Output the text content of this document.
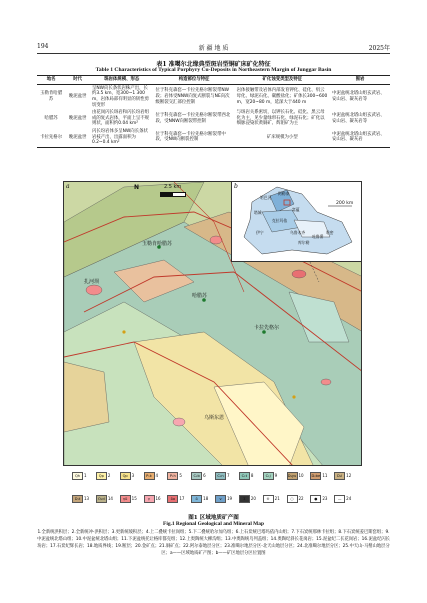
194	新 疆 地 质	2025年
表1 准噶尔北缘典型斑岩型铜矿床矿化特征
Table 1 Characteristics of Typical Porphyry Cu-Deposits in Northeastern Margin of Junggar Basin
地名	时代	斑岩体规模、形态	构造部位与特征	矿化蚀变类型及特征	围岩
玉勒肯哈腊苏	晚泥盆世	呈NW向长条状岩株产出，长约3.5 km，宽300~1 300 m，岩体局部有明显的韧性剪切变形	位于科克森套—卡拉先格尔断裂带NW段；岩体受NNW向复式断裂与NE向次级断裂交汇部位控制	岩体接触带及岩体内部发育钾化、硅化、绢云母化、绿泥石化、碳酸盐化；矿体长300~600 m，宽20~80 m，延深大于440 m	中泥盆统北塔山组玄武岩、安山岩、凝灰岩等
哈腊苏	晚泥盆世	由花岗闪长斑岩和闪长玢岩组成的复式岩体，平面上呈不规则状，面积约0.04 km²	位于科克森套—卡拉先格尔断裂带西北段，受NNW向断裂带控制	与斑岩关系密切，以钾长石化、硅化、黑云母化为主，见少量绿帘石化、绿泥石化；矿化以细脉浸染状黄铜矿、辉钼矿为主	中泥盆统北塔山组玄武岩、安山岩、凝灰岩等
卡拉先格尔	晚泥盆世	闪长玢岩体多呈NW向长条状岩枝产出，出露面积为0.2~0.4 km²	位于科克森套—卡拉先格尔断裂带中段，受NW向断裂控制	矿床规模为小型	中泥盆统北塔山组玄武岩、安山岩、凝灰岩
a	N	2.5 km
玉勒肯哈腊苏
哈腊苏
卡拉先格尔
扎河坝
乌斯东恩
b
200 km
阿勒泰
哈巴河
富蕴
塔城
克拉玛依
伊宁	乌鲁木齐
库尔勒
哈密
吐鲁番
Qh 1	Qp 2	Qp 3	P₁k 4	P₁h 5	C₂b 6	C₁n 7	C₁t 8	C₁j	9	D₃yu 10	D₂be 11	D₂l 12
D₁t 13	O₂d 14	γδ	15	γ	16	δο	17	δ	18	ν	19	Σ	20	⊙	21	○	22	●	23	—	24
图1 区域地质矿产图
Fig.1 Regional Geological and Mineral Map
1.全新统洪积层；2.全新统冲-洪积层；3.更新统坡积层；4.上二叠统卡拉岗组；5.下二叠统哈尔加乌组；6.上石炭统巴塔玛依内山组；7.下石炭统那林卡拉组；8.下石炭统姜巴斯套组；9.中泥盆统北塔山组；10.中泥盆统北塔山组；11.下泥盆统托让格库都克组；12.上奥陶统大柳沟组；13.中奥陶统乌列盖组；14.奥陶纪斜长花岗岩；15.泥盆纪二长花岗岩；16.泥盆纪闪长玢岩；17.石炭纪辉长岩；18.地质界线；19.断层；20.金矿点；21.铜矿点；22.阿尔泰地层分区；23.准噶尔地层分区-北天山地层分区；24.北准噶尔地层分区；25.中天山-马鬃山地层分区；a——区域地质矿产图；b——矿区地层分区位置图
